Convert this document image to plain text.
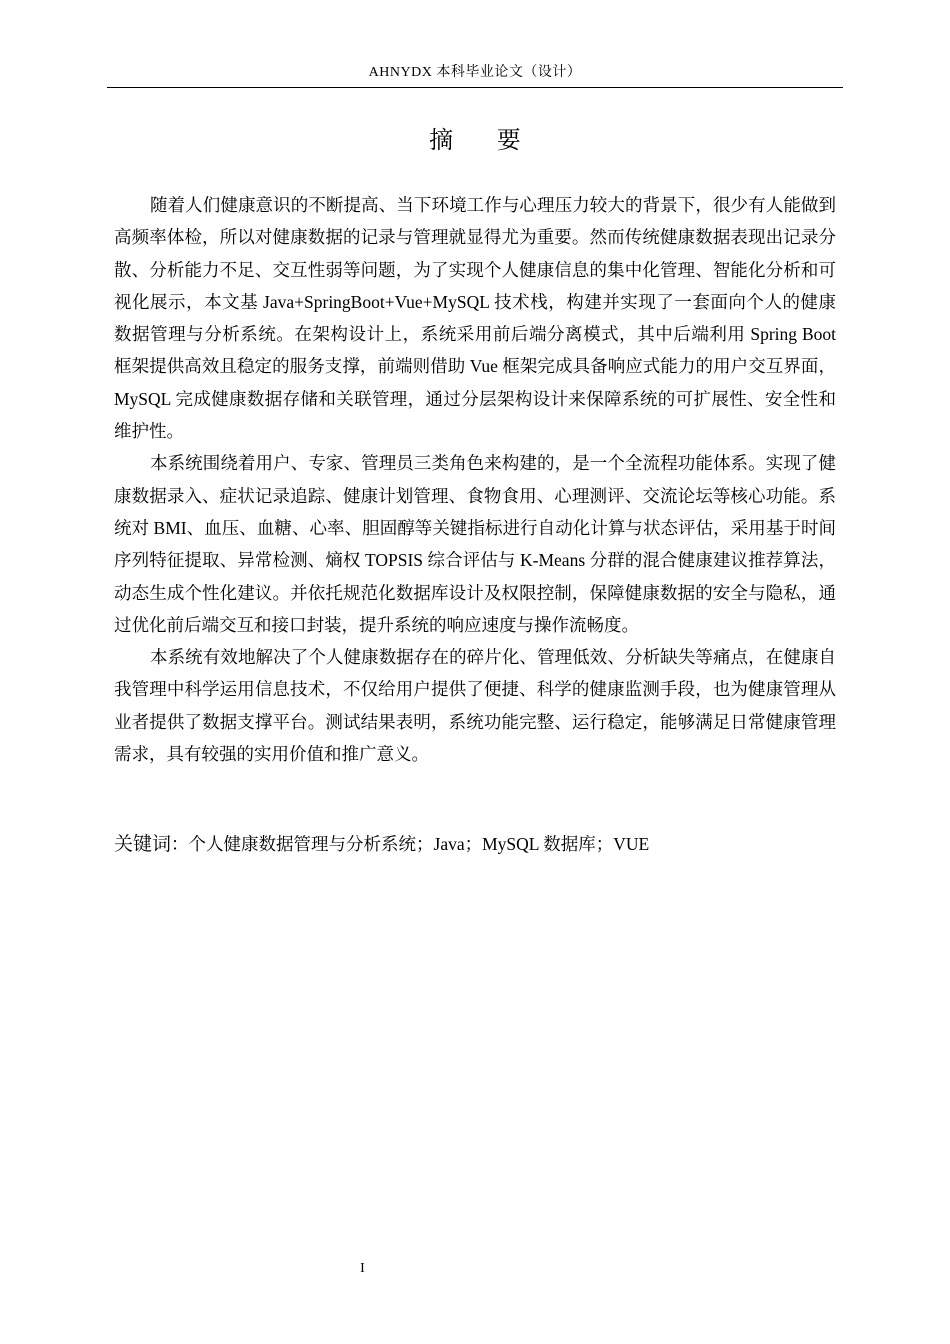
AHNYDX 本科毕业论文（设计）
摘 要

随着人们健康意识的不断提高、当下环境工作与心理压力较大的背景下，很少有人能做到高频率体检，所以对健康数据的记录与管理就显得尤为重要。然而传统健康数据表现出记录分散、分析能力不足、交互性弱等问题，为了实现个人健康信息的集中化管理、智能化分析和可视化展示，本文基 Java+SpringBoot+Vue+MySQL 技术栈，构建并实现了一套面向个人的健康数据管理与分析系统。在架构设计上，系统采用前后端分离模式，其中后端利用 Spring Boot 框架提供高效且稳定的服务支撑，前端则借助 Vue 框架完成具备响应式能力的用户交互界面，MySQL 完成健康数据存储和关联管理，通过分层架构设计来保障系统的可扩展性、安全性和维护性。

本系统围绕着用户、专家、管理员三类角色来构建的，是一个全流程功能体系。实现了健康数据录入、症状记录追踪、健康计划管理、食物食用、心理测评、交流论坛等核心功能。系统对 BMI、血压、血糖、心率、胆固醇等关键指标进行自动化计算与状态评估，采用基于时间序列特征提取、异常检测、熵权 TOPSIS 综合评估与 K-Means 分群的混合健康建议推荐算法，动态生成个性化建议。并依托规范化数据库设计及权限控制，保障健康数据的安全与隐私，通过优化前后端交互和接口封装，提升系统的响应速度与操作流畅度。

本系统有效地解决了个人健康数据存在的碎片化、管理低效、分析缺失等痛点，在健康自我管理中科学运用信息技术，不仅给用户提供了便捷、科学的健康监测手段，也为健康管理从业者提供了数据支撑平台。测试结果表明，系统功能完整、运行稳定，能够满足日常健康管理需求，具有较强的实用价值和推广意义。

关键词：个人健康数据管理与分析系统；Java；MySQL 数据库；VUE
I
